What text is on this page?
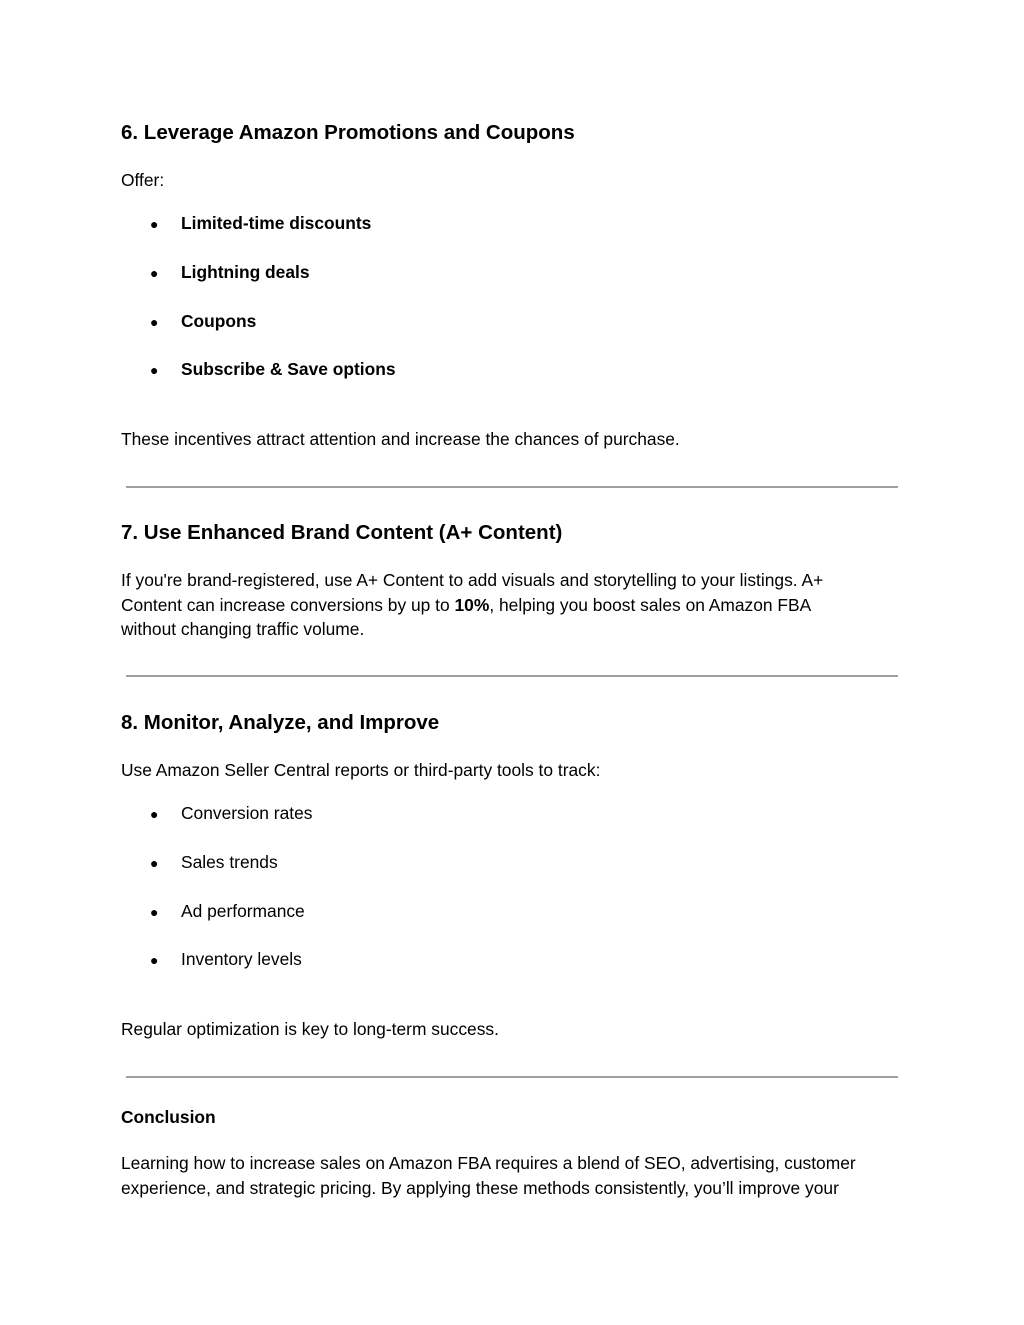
6. Leverage Amazon Promotions and Coupons

Offer:

● Limited-time discounts
● Lightning deals
● Coupons
● Subscribe & Save options

These incentives attract attention and increase the chances of purchase.

7. Use Enhanced Brand Content (A+ Content)
If you're brand-registered, use A+ Content to add visuals and storytelling to your listings. A+
Content can increase conversions by up to 10%, helping you boost sales on Amazon FBA
without changing traffic volume.
8. Monitor, Analyze, and Improve

Use Amazon Seller Central reports or third-party tools to track:

● Conversion rates
● Sales trends
● Ad performance
● Inventory levels

Regular optimization is key to long-term success.

Conclusion
Learning how to increase sales on Amazon FBA requires a blend of SEO, advertising, customer
experience, and strategic pricing. By applying these methods consistently, you’ll improve your
